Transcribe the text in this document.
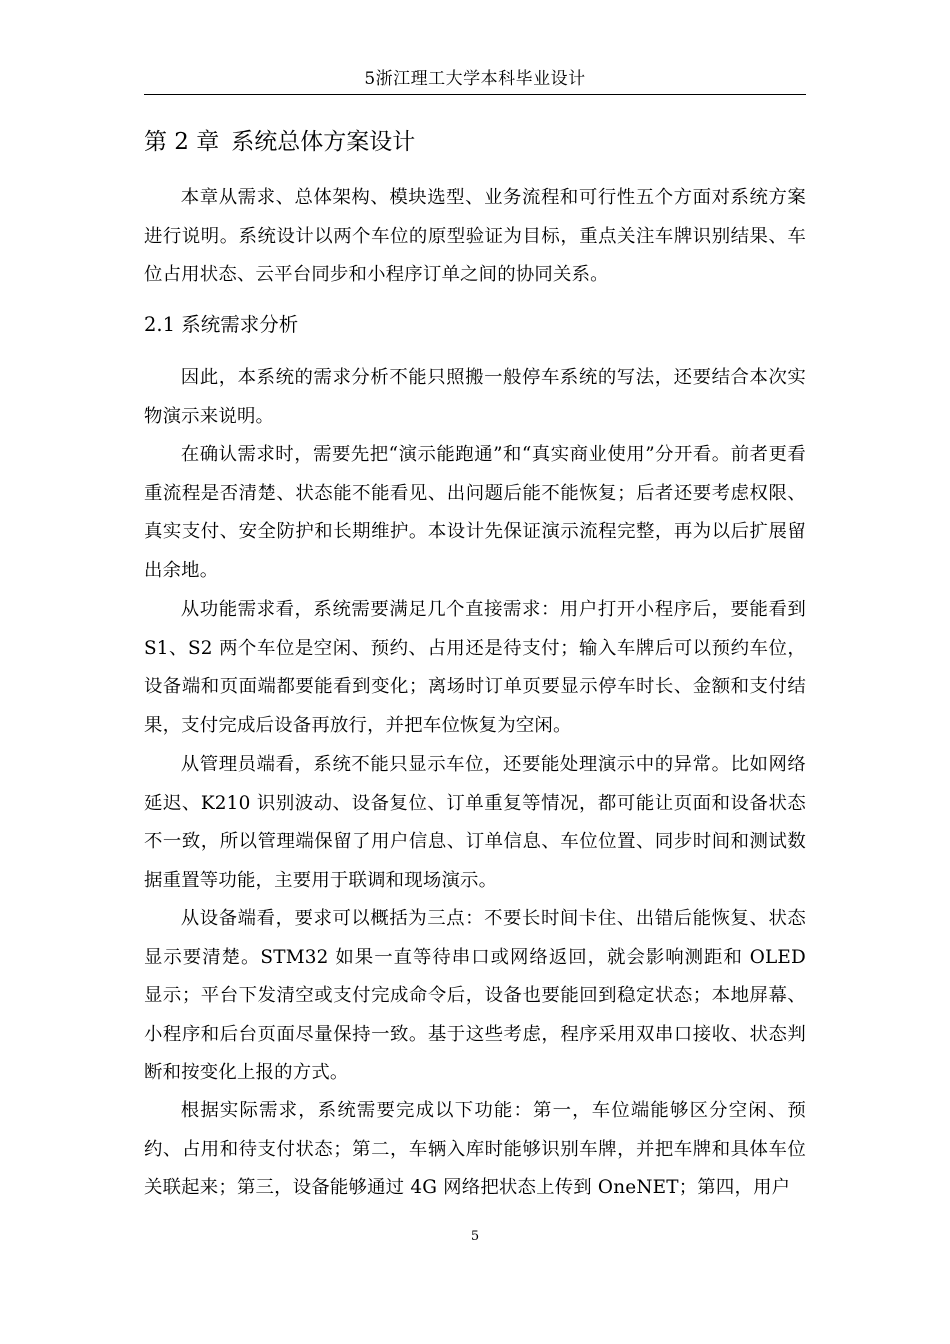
5浙江理工大学本科毕业设计
第 2 章 系统总体方案设计

本章从需求、总体架构、模块选型、业务流程和可行性五个方面对系统方案进行说明。系统设计以两个车位的原型验证为目标，重点关注车牌识别结果、车位占用状态、云平台同步和小程序订单之间的协同关系。

2.1 系统需求分析

因此，本系统的需求分析不能只照搬一般停车系统的写法，还要结合本次实物演示来说明。

在确认需求时，需要先把“演示能跑通”和“真实商业使用”分开看。前者更看重流程是否清楚、状态能不能看见、出问题后能不能恢复；后者还要考虑权限、真实支付、安全防护和长期维护。本设计先保证演示流程完整，再为以后扩展留出余地。

从功能需求看，系统需要满足几个直接需求：用户打开小程序后，要能看到 S1、S2 两个车位是空闲、预约、占用还是待支付；输入车牌后可以预约车位，设备端和页面端都要能看到变化；离场时订单页要显示停车时长、金额和支付结果，支付完成后设备再放行，并把车位恢复为空闲。

从管理员端看，系统不能只显示车位，还要能处理演示中的异常。比如网络延迟、K210 识别波动、设备复位、订单重复等情况，都可能让页面和设备状态不一致，所以管理端保留了用户信息、订单信息、车位位置、同步时间和测试数据重置等功能，主要用于联调和现场演示。

从设备端看，要求可以概括为三点：不要长时间卡住、出错后能恢复、状态显示要清楚。STM32 如果一直等待串口或网络返回，就会影响测距和 OLED 显示；平台下发清空或支付完成命令后，设备也要能回到稳定状态；本地屏幕、小程序和后台页面尽量保持一致。基于这些考虑，程序采用双串口接收、状态判断和按变化上报的方式。

根据实际需求，系统需要完成以下功能：第一，车位端能够区分空闲、预约、占用和待支付状态；第二，车辆入库时能够识别车牌，并把车牌和具体车位关联起来；第三，设备能够通过 4G 网络把状态上传到 OneNET；第四，用户

5
